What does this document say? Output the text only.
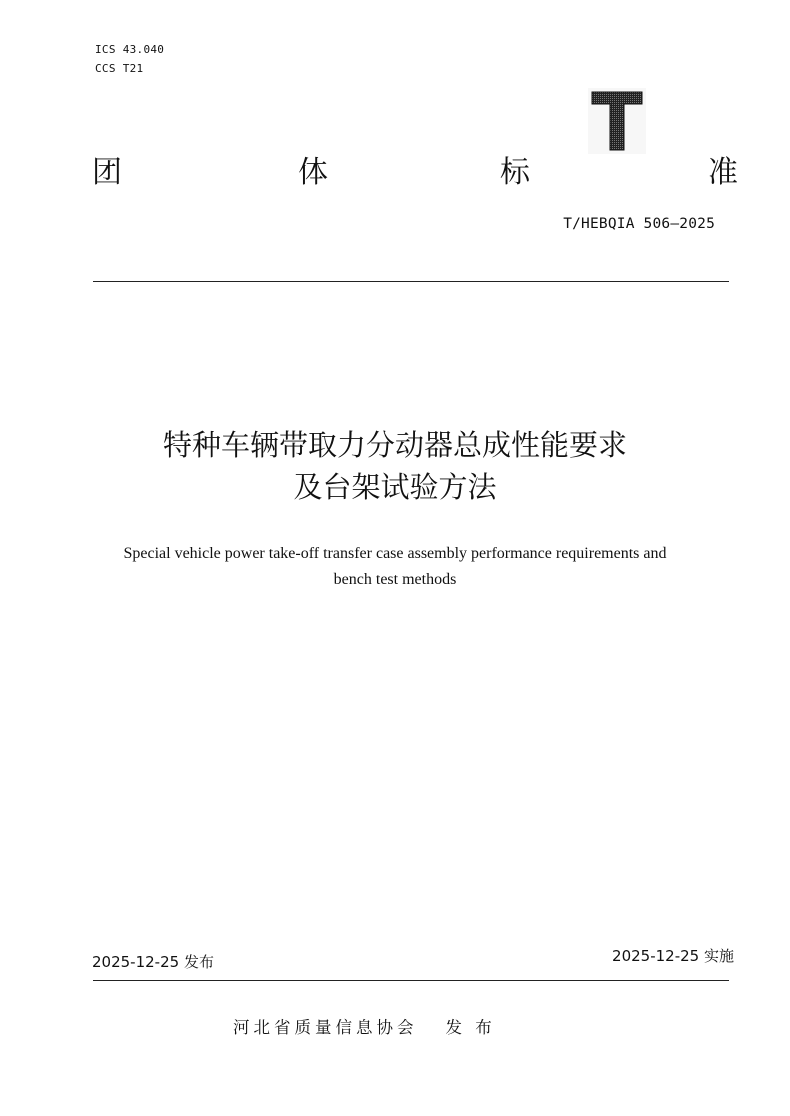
ICS 43.040
CCS T21
团	体	标	准
T/HEBQIA 506—2025
特种车辆带取力分动器总成性能要求
及台架试验方法
Special vehicle power take-off transfer case assembly performance requirements and
bench test methods
2025-12-25 发布	2025-12-25 实施
河北省质量信息协会 发 布
